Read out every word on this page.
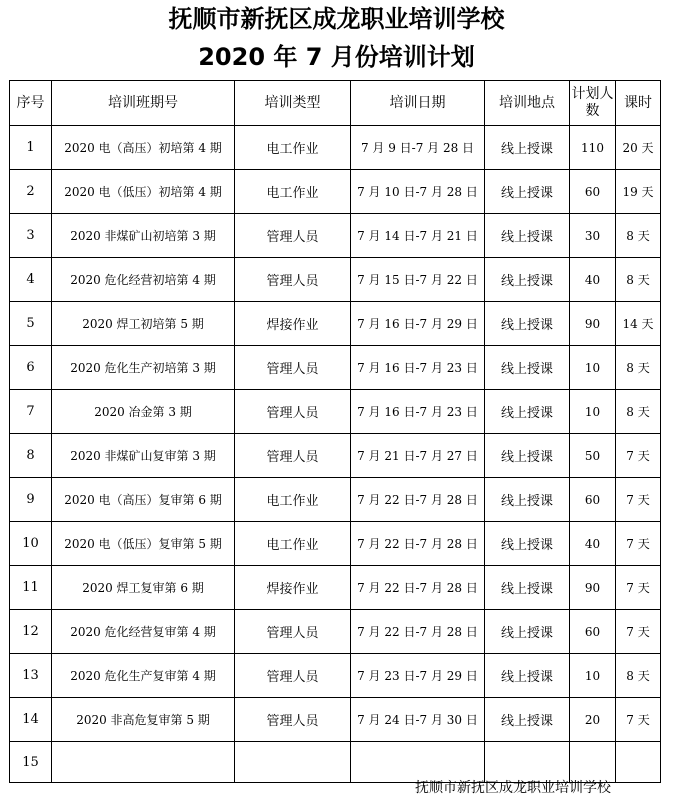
抚顺市新抚区成龙职业培训学校
2020 年 7 月份培训计划
序号	培训班期号	培训类型	培训日期	培训地点	计划人数	课时
1	2020 电（高压）初培第 4 期	电工作业	7 月 9 日-7 月 28 日	线上授课	110	20 天
2	2020 电（低压）初培第 4 期	电工作业	7 月 10 日-7 月 28 日	线上授课	60	19 天
3	2020 非煤矿山初培第 3 期	管理人员	7 月 14 日-7 月 21 日	线上授课	30	8 天
4	2020 危化经营初培第 4 期	管理人员	7 月 15 日-7 月 22 日	线上授课	40	8 天
5	2020 焊工初培第 5 期	焊接作业	7 月 16 日-7 月 29 日	线上授课	90	14 天
6	2020 危化生产初培第 3 期	管理人员	7 月 16 日-7 月 23 日	线上授课	10	8 天
7	2020 冶金第 3 期	管理人员	7 月 16 日-7 月 23 日	线上授课	10	8 天
8	2020 非煤矿山复审第 3 期	管理人员	7 月 21 日-7 月 27 日	线上授课	50	7 天
9	2020 电（高压）复审第 6 期	电工作业	7 月 22 日-7 月 28 日	线上授课	60	7 天
10	2020 电（低压）复审第 5 期	电工作业	7 月 22 日-7 月 28 日	线上授课	40	7 天
11	2020 焊工复审第 6 期	焊接作业	7 月 22 日-7 月 28 日	线上授课	90	7 天
12	2020 危化经营复审第 4 期	管理人员	7 月 22 日-7 月 28 日	线上授课	60	7 天
13	2020 危化生产复审第 4 期	管理人员	7 月 23 日-7 月 29 日	线上授课	10	8 天
14	2020 非高危复审第 5 期	管理人员	7 月 24 日-7 月 30 日	线上授课	20	7 天
15						
抚顺市新抚区成龙职业培训学校
